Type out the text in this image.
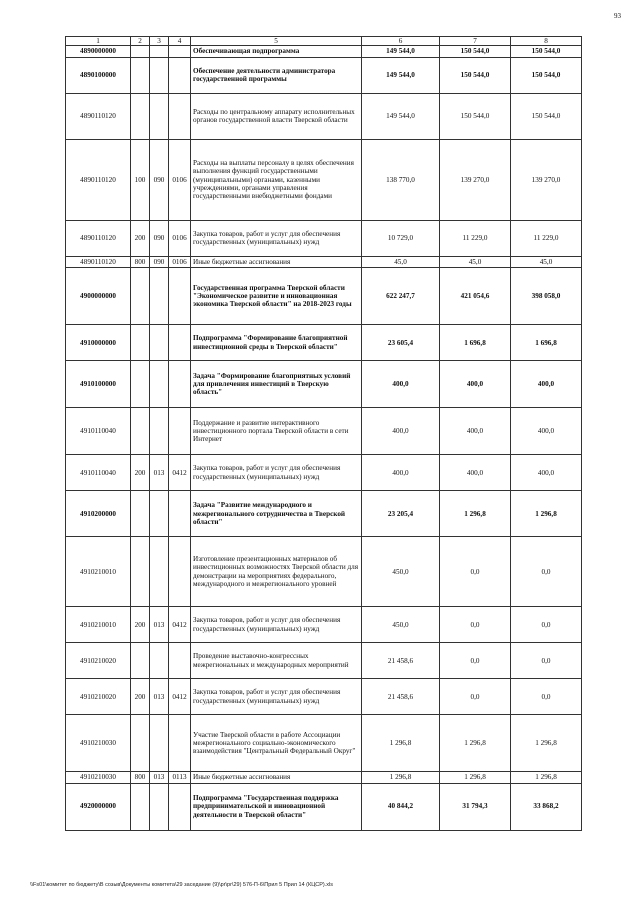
93
1	2	3	4	5	6	7	8
4890000000				Обеспечивающая подпрограмма	149 544,0	150 544,0	150 544,0
4890100000				Обеспечение деятельности администратора государственной программы	149 544,0	150 544,0	150 544,0
4890110120				Расходы по центральному аппарату исполнительных органов государственной власти Тверской области	149 544,0	150 544,0	150 544,0
4890110120	100	090	0106	Расходы на выплаты персоналу в целях обеспечения выполнения функций государственными (муниципальными) органами, казенными учреждениями, органами управления государственными внебюджетными фондами	138 770,0	139 270,0	139 270,0
4890110120	200	090	0106	Закупка товаров, работ и услуг для обеспечения государственных (муниципальных) нужд	10 729,0	11 229,0	11 229,0
4890110120	800	090	0106	Иные бюджетные ассигнования	45,0	45,0	45,0
4900000000				Государственная программа Тверской области "Экономическое развитие и инновационная экономика Тверской области" на 2018-2023 годы	622 247,7	421 054,6	398 058,0
4910000000				Подпрограмма "Формирование благоприятной инвестиционной среды в Тверской области"	23 605,4	1 696,8	1 696,8
4910100000				Задача "Формирование благоприятных условий для привлечения инвестиций в Тверскую область"	400,0	400,0	400,0
4910110040				Поддержание и развитие интерактивного инвестиционного портала Тверской области в сети Интернет	400,0	400,0	400,0
4910110040	200	013	0412	Закупка товаров, работ и услуг для обеспечения государственных (муниципальных) нужд	400,0	400,0	400,0
4910200000				Задача "Развитие международного и межрегионального сотрудничества в Тверской области"	23 205,4	1 296,8	1 296,8
4910210010				Изготовление презентационных материалов об инвестиционных возможностях Тверской области для демонстрации на мероприятиях федерального, международного и межрегионального уровней	450,0	0,0	0,0
4910210010	200	013	0412	Закупка товаров, работ и услуг для обеспечения государственных (муниципальных) нужд	450,0	0,0	0,0
4910210020				Проведение выставочно-конгрессных межрегиональных и международных мероприятий	21 458,6	0,0	0,0
4910210020	200	013	0412	Закупка товаров, работ и услуг для обеспечения государственных (муниципальных) нужд	21 458,6	0,0	0,0
4910210030				Участие Тверской области в работе Ассоциации межрегионального социально-экономического взаимодействия "Центральный Федеральный Округ"	1 296,8	1 296,8	1 296,8
4910210030	800	013	0113	Иные бюджетные ассигнования	1 296,8	1 296,8	1 296,8
4920000000				Подпрограмма "Государственная поддержка предпринимательской и инновационной деятельности в Тверской области"	40 844,2	31 794,3	33 868,2
\\Fs01\комитет по бюджету\В созыв\Документы комитета\29 заседание (9)\pr\pr\29) 576-П-6\Прил 5 Прил 14 (КЦСР).xls
